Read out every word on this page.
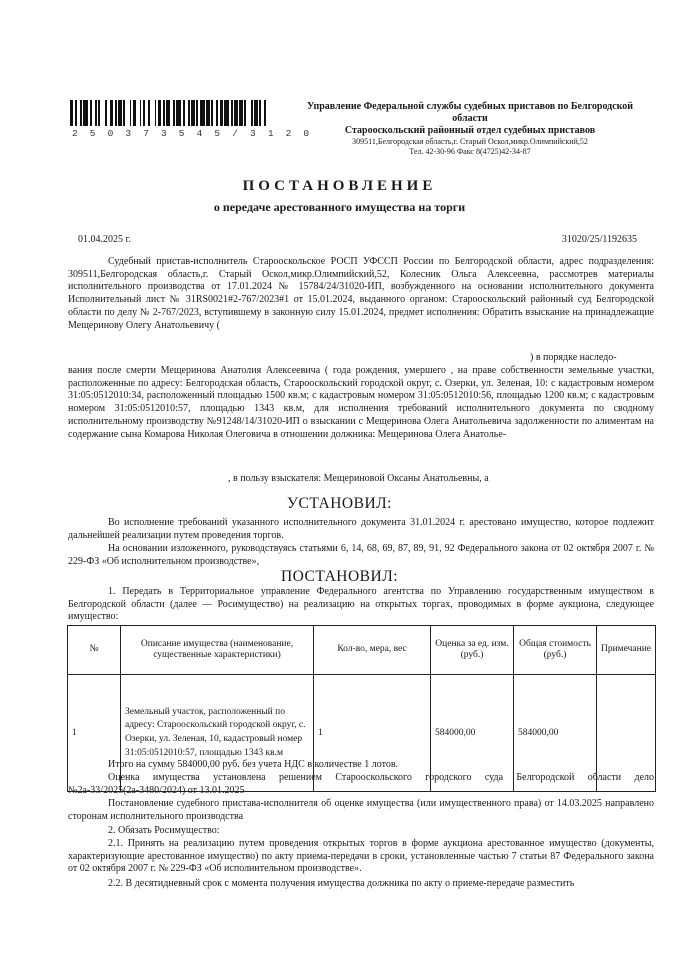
2 5 0 3 7 3 5 4 5 / 3 1 2 0
Управление Федеральной службы судебных приставов по Белгородской
области
Старооскольский районный отдел судебных приставов
309511,Белгородская область,г. Старый Оскол,микр.Олимпийский,52
Тел. 42-30-96 Факс 8(4725)42-34-87
ПОСТАНОВЛЕНИЕ
о передаче арестованного имущества на торги
01.04.2025 г.	31020/25/1192635
Судебный пристав-исполнитель Старооскольское РОСП УФССП России по Белгородской области, адрес подразделения: 309511,Белгородская область,г. Старый Оскол,микр.Олимпийский,52, Колесник Ольга Алексеевна, рассмотрев материалы исполнительного производства от 17.01.2024 № 15784/24/31020-ИП, возбужденного на основании исполнительного документа Исполнительный лист № 31RS0021#2-767/2023#1 от 15.01.2024, выданного органом: Старооскольский районный суд Белгородской области по делу № 2-767/2023, вступившему в законную силу 15.01.2024, предмет исполнения: Обратить взыскание на принадлежащие Мещеринову Олегу Анатольевичу (
) в порядке наследо-
вания после смерти Мещеринова Анатолия Алексеевича ( года рождения, умершего , на праве собственности земельные участки, расположенные по адресу: Белгородская область, Старооскольский городской округ, с. Озерки, ул. Зеленая, 10: с кадастровым номером 31:05:0512010:34, расположенный площадью 1500 кв.м; с кадастровым номером 31:05:0512010:56, площадью 1200 кв.м; с кадастровым номером 31:05:0512010:57, площадью 1343 кв.м, для исполнения требований исполнительного документа по сводному исполнительному производству №91248/14/31020-ИП о взыскании с Мещеринова Олега Анатольевича задолженности по алиментам на содержание сына Комарова Николая Олеговича в отношении должника: Мещеринова Олега Анатолье-
, в пользу взыскателя: Мещериновой Оксаны Анатольевны, а
УСТАНОВИЛ:
Во исполнение требований указанного исполнительного документа 31.01.2024 г. арестовано имущество, которое подлежит дальнейшей реализации путем проведения торгов.
На основании изложенного, руководствуясь статьями 6, 14, 68, 69, 87, 89, 91, 92 Федерального закона от 02 октября 2007 г. № 229-ФЗ «Об исполнительном производстве»,
ПОСТАНОВИЛ:
1. Передать в Территориальное управление Федерального агентства по Управлению государственным имуществом в Белгородской области (далее — Росимущество) на реализацию на открытых торгах, проводимых в форме аукциона, следующее имущество:
№	Описание имущества (наименование, существенные характеристики)	Кол-во, мера, вес	Оценка за ед. изм. (руб.)	Общая стоимость (руб.)	Примечание
1	Земельный участок, расположенный по адресу: Старооскольский городской округ, с. Озерки, ул. Зеленая, 10, кадастровый номер 31:05:0512010:57, площадью 1343 кв.м	1	584000,00	584000,00	
Итого на сумму 584000,00 руб. без учета НДС в количестве 1 лотов.
Оценка имущества установлена решением Старооскольского городского суда Белгородской области дело №2а-33/2025(2а-3480/2024) от 13.01.2025
Постановление судебного пристава-исполнителя об оценке имущества (или имущественного права) от 14.03.2025 направлено сторонам исполнительного производства
2. Обязать Росимущество:
2.1. Принять на реализацию путем проведения открытых торгов в форме аукциона арестованное имущество (документы, характеризующие арестованное имущество) по акту приема-передачи в сроки, установленные частью 7 статьи 87 Федерального закона от 02 октября 2007 г. № 229-ФЗ «Об исполнительном производстве».
2.2. В десятидневный срок с момента получения имущества должника по акту о приеме-передаче разместить
